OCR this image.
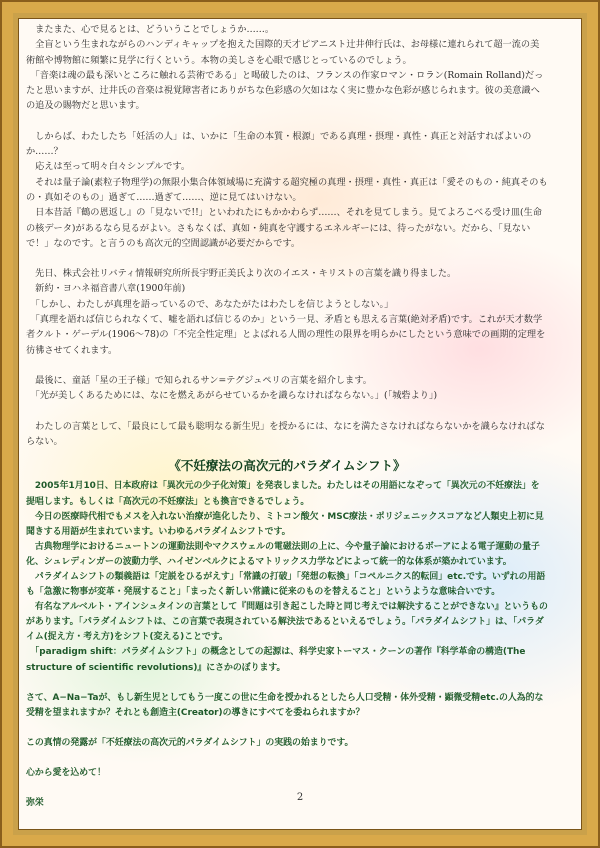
　またまた、心で見るとは、どういうことでしょうか……。

　全盲という生まれながらのハンディキャップを抱えた国際的天才ピアニスト辻井伸行氏は、お母様に連れられて超一流の美術館や博物館に頻繁に見学に行くという。本物の美しさを心眼で感じとっているのでしょう。

　「音楽は魂の最も深いところに触れる芸術である」と喝破したのは、フランスの作家ロマン・ロラン(Romain Rolland)だったと思いますが、辻井氏の音楽は視覚障害者にありがちな色彩感の欠如はなく実に豊かな色彩が感じられます。彼の美意識への追及の賜物だと思います。

　しからば、わたしたち「妊活の人」は、いかに「生命の本質・根源」である真理・摂理・真性・真正と対話すればよいのか……？

　応えは至って明々白々シンプルです。

　それは量子論(素粒子物理学)の無限小集合体領域場に充満する超究極の真理・摂理・真性・真正は「愛そのもの・純真そのもの・真如そのもの」過ぎて……過ぎて……、逆に見てはいけない。

　日本昔話『鶴の恩返し』の「見ないで!!」といわれたにもかかわらず……、それを見てしまう。見てよろこべる受け皿(生命の核データ)があるなら見るがよい。さもなくば、真如・純真を守護するエネルギーには、待ったがない。だから、「見ないで！」なのです。と言うのも高次元的空間認識が必要だからです。

　先日、株式会社リバティ情報研究所所長宇野正美氏より次のイエス・キリストの言葉を識り得ました。

　新約・ヨハネ福音書八章(1900年前)

　「しかし、わたしが真理を語っているので、あなたがたはわたしを信じようとしない。」

　「真理を語れば信じられなくて、嘘を語れば信じるのか」という一見、矛盾とも思える言葉(絶対矛盾)です。これが天才数学者クルト・ゲーデル(1906〜78)の「不完全性定理」とよばれる人間の理性の限界を明らかにしたという意味での画期的定理を彷彿させてくれます。

　最後に、童話「星の王子様」で知られるサン=テグジュペリの言葉を紹介します。

　「光が美しくあるためには、なにを燃えあがらせているかを識らなければならない。」(「城砦より」)

　わたしの言葉として、「最良にして最も聡明なる新生児」を授かるには、なにを満たさなければならないかを識らなければならない。

《不妊療法の高次元的パラダイムシフト》

　2005年1月10日、日本政府は「異次元の少子化対策」を発表しました。わたしはその用語になぞって「異次元の不妊療法」を提唱します。もしくは「高次元の不妊療法」とも換言できるでしょう。

　今日の医療時代相でもメスを入れない治療が進化したり、ミトコン酸欠・MSC療法・ポリジェニックスコアなど人類史上初に見聞きする用語が生まれています。いわゆるパラダイムシフトです。

　古典物理学におけるニュートンの運動法則やマクスウェルの電磁法則の上に、今や量子論におけるボーアによる電子運動の量子化、シュレディンガーの波動力学、ハイゼンベルクによるマトリックス力学などによって統一的な体系が築かれています。

　パラダイムシフトの類義語は「定説をひるがえす」「常識の打破」「発想の転換」「コペルニクス的転回」etc.です。いずれの用語も「急激に物事が変革・発展すること」「まったく新しい常識に従来のものを替えること」というような意味合いです。

　有名なアルベルト・アインシュタインの言葉として『問題は引き起こした時と同じ考えでは解決することができない』というものがあります。「パラダイムシフトは、この言葉で表現されている解決法であるといえるでしょう。「パラダイムシフト」は、「パラダイム(捉え方・考え方)をシフト(変える)ことです。

　「paradigm shift：パラダイムシフト」の概念としての起源は、科学史家トーマス・クーンの著作『科学革命の構造(The structure of scientific revolutions)』にさかのぼります。

さて、A−Na−Taが、もし新生児としてもう一度この世に生命を授かれるとしたら人口受精・体外受精・顕微受精etc.の人為的な受精を望まれますか？それとも創造主(Creator)の導きにすべてを委ねられますか？

この真情の発露が「不妊療法の高次元的パラダイムシフト」の実践の始まりです。

心から愛を込めて！

弥栄

2
